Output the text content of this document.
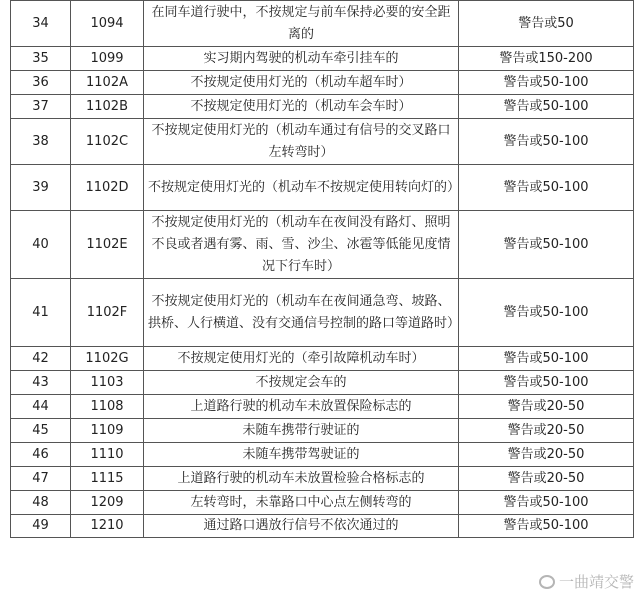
34	1094	在同车道行驶中，不按规定与前车保持必要的安全距离的	警告或50
35	1099	实习期内驾驶的机动车牵引挂车的	警告或150-200
36	1102A	不按规定使用灯光的（机动车超车时）	警告或50-100
37	1102B	不按规定使用灯光的（机动车会车时）	警告或50-100
38	1102C	不按规定使用灯光的（机动车通过有信号的交叉路口左转弯时）	警告或50-100
39	1102D	不按规定使用灯光的（机动车不按规定使用转向灯的）	警告或50-100
40	1102E	不按规定使用灯光的（机动车在夜间没有路灯、照明不良或者遇有雾、雨、雪、沙尘、冰雹等低能见度情况下行车时）	警告或50-100
41	1102F	不按规定使用灯光的（机动车在夜间通急弯、坡路、拱桥、人行横道、没有交通信号控制的路口等道路时）	警告或50-100
42	1102G	不按规定使用灯光的（牵引故障机动车时）	警告或50-100
43	1103	不按规定会车的	警告或50-100
44	1108	上道路行驶的机动车未放置保险标志的	警告或20-50
45	1109	未随车携带行驶证的	警告或20-50
46	1110	未随车携带驾驶证的	警告或20-50
47	1115	上道路行驶的机动车未放置检验合格标志的	警告或20-50
48	1209	左转弯时，未靠路口中心点左侧转弯的	警告或50-100
49	1210	通过路口遇放行信号不依次通过的	警告或50-100
一曲靖交警
